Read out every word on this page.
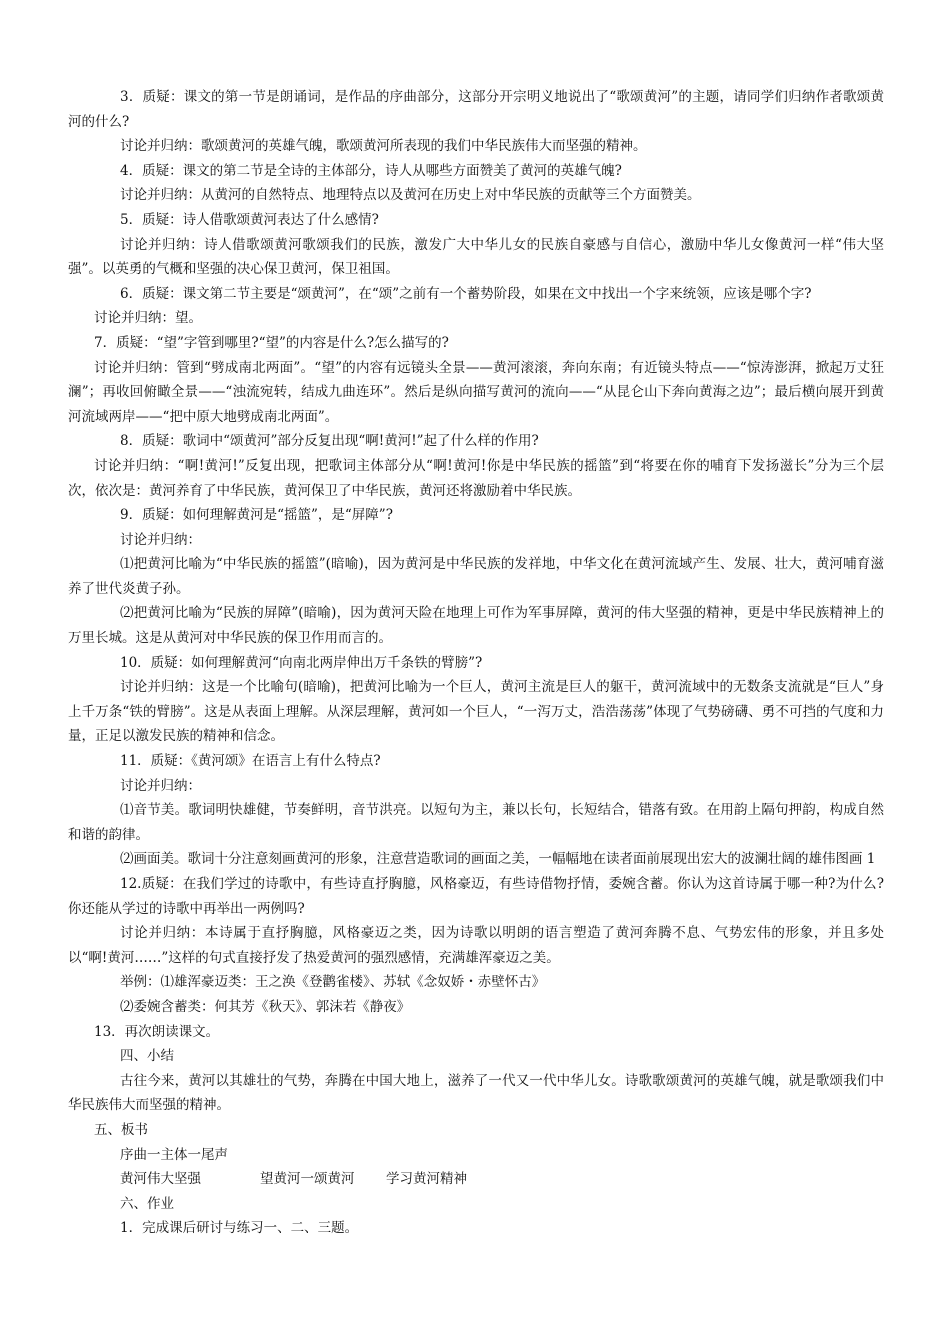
3．质疑：课文的第一节是朗诵词，是作品的序曲部分，这部分开宗明义地说出了“歌颂黄河”的主题，请同学们归纳作者歌颂黄河的什么?

讨论并归纳：歌颂黄河的英雄气魄，歌颂黄河所表现的我们中华民族伟大而坚强的精神。

4．质疑：课文的第二节是全诗的主体部分，诗人从哪些方面赞美了黄河的英雄气魄?

讨论并归纳：从黄河的自然特点、地理特点以及黄河在历史上对中华民族的贡献等三个方面赞美。

5．质疑：诗人借歌颂黄河表达了什么感情?

讨论并归纳：诗人借歌颂黄河歌颂我们的民族，激发广大中华儿女的民族自豪感与自信心，激励中华儿女像黄河一样“伟大坚强”。以英勇的气概和坚强的决心保卫黄河，保卫祖国。

6．质疑：课文第二节主要是“颂黄河”，在“颂”之前有一个蓄势阶段，如果在文中找出一个字来统领，应该是哪个字?

讨论并归纳：望。

7．质疑：“望”字管到哪里?“望”的内容是什么?怎么描写的?

讨论并归纳：管到“劈成南北两面”。“望”的内容有远镜头全景——黄河滚滚，奔向东南；有近镜头特点——“惊涛澎湃，掀起万丈狂澜”；再收回俯瞰全景——“浊流宛转，结成九曲连环”。然后是纵向描写黄河的流向——“从昆仑山下奔向黄海之边”；最后横向展开到黄河流域两岸——“把中原大地劈成南北两面”。

8．质疑：歌词中“颂黄河”部分反复出现“啊!黄河!”起了什么样的作用?

讨论并归纳：“啊!黄河!”反复出现，把歌词主体部分从“啊!黄河!你是中华民族的摇篮”到“将要在你的哺育下发扬滋长”分为三个层次，依次是：黄河养育了中华民族，黄河保卫了中华民族，黄河还将激励着中华民族。

9．质疑：如何理解黄河是“摇篮”，是“屏障”?

讨论并归纳：

⑴把黄河比喻为“中华民族的摇篮”(暗喻)，因为黄河是中华民族的发祥地，中华文化在黄河流域产生、发展、壮大，黄河哺育滋养了世代炎黄子孙。

⑵把黄河比喻为“民族的屏障”(暗喻)，因为黄河天险在地理上可作为军事屏障，黄河的伟大坚强的精神，更是中华民族精神上的万里长城。这是从黄河对中华民族的保卫作用而言的。

10．质疑：如何理解黄河“向南北两岸伸出万千条铁的臂膀”?

讨论并归纳：这是一个比喻句(暗喻)，把黄河比喻为一个巨人，黄河主流是巨人的躯干，黄河流域中的无数条支流就是“巨人”身上千万条“铁的臂膀”。这是从表面上理解。从深层理解，黄河如一个巨人，“一泻万丈，浩浩荡荡”体现了气势磅礴、勇不可挡的气度和力量，正足以激发民族的精神和信念。

11．质疑：《黄河颂》在语言上有什么特点?

讨论并归纳：

⑴音节美。歌词明快雄健，节奏鲜明，音节洪亮。以短句为主，兼以长句，长短结合，错落有致。在用韵上隔句押韵，构成自然和谐的韵律。

⑵画面美。歌词十分注意刻画黄河的形象，注意营造歌词的画面之美，一幅幅地在读者面前展现出宏大的波澜壮阔的雄伟图画 1

12.质疑：在我们学过的诗歌中，有些诗直抒胸臆，风格豪迈，有些诗借物抒情，委婉含蓄。你认为这首诗属于哪一种?为什么?你还能从学过的诗歌中再举出一两例吗?

讨论并归纳：本诗属于直抒胸臆，风格豪迈之类，因为诗歌以明朗的语言塑造了黄河奔腾不息、气势宏伟的形象，并且多处以“啊!黄河……”这样的句式直接抒发了热爱黄河的强烈感情，充满雄浑豪迈之美。

举例：⑴雄浑豪迈类：王之涣《登鹳雀楼》、苏轼《念奴娇・赤壁怀古》

⑵委婉含蓄类：何其芳《秋天》、郭沫若《静夜》

13．再次朗读课文。

四、小结

古往今来，黄河以其雄壮的气势，奔腾在中国大地上，滋养了一代又一代中华儿女。诗歌歌颂黄河的英雄气魄，就是歌颂我们中华民族伟大而坚强的精神。

五、板书

序曲一主体一尾声

黄河伟大坚强	望黄河一颂黄河 学习黄河精神

六、作业

1．完成课后研讨与练习一、二、三题。
